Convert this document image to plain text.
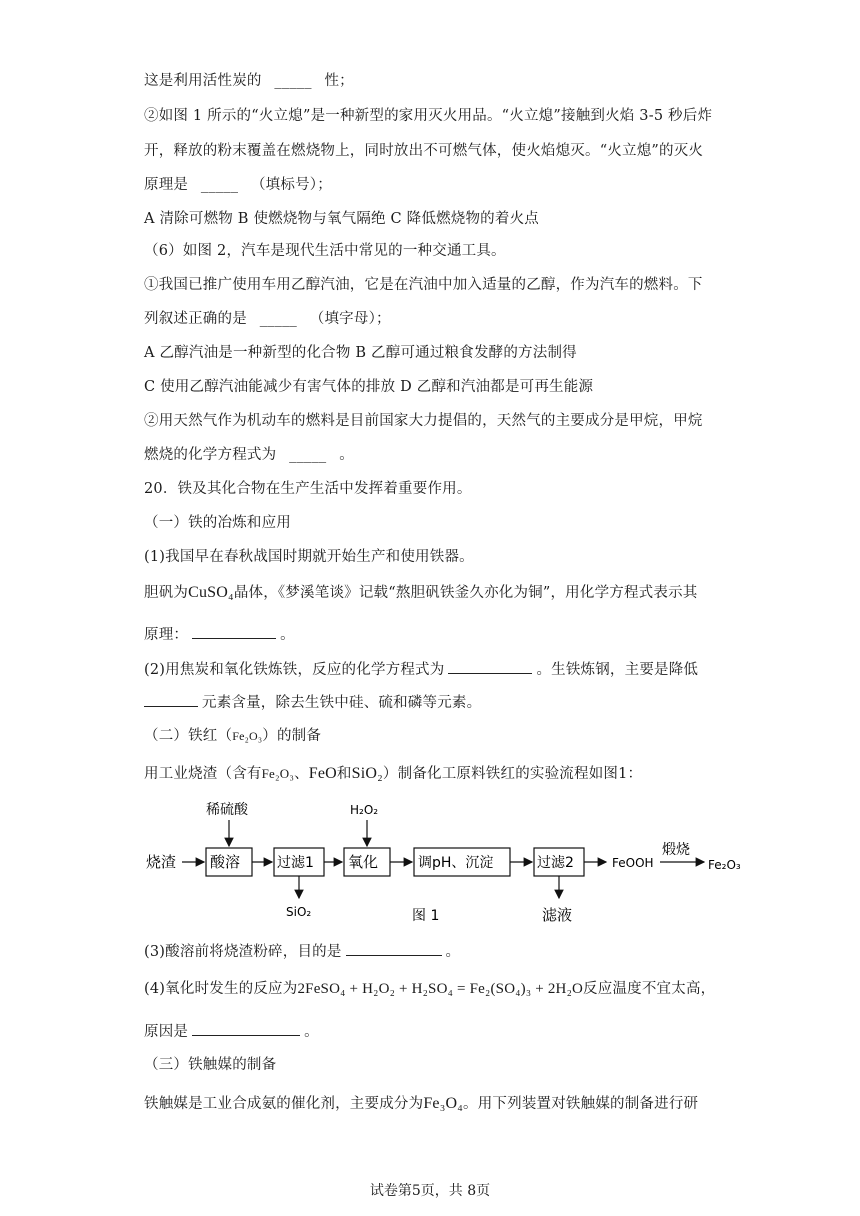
这是利用活性炭的 _____ 性；
②如图 1 所示的“火立熄”是一种新型的家用灭火用品。“火立熄”接触到火焰 3-5 秒后炸
开，释放的粉末覆盖在燃烧物上，同时放出不可燃气体，使火焰熄灭。“火立熄”的灭火
原理是 _____ （填标号）；
A 清除可燃物 B 使燃烧物与氧气隔绝 C 降低燃烧物的着火点
（6）如图 2，汽车是现代生活中常见的一种交通工具。
①我国已推广使用车用乙醇汽油，它是在汽油中加入适量的乙醇，作为汽车的燃料。下
列叙述正确的是 _____ （填字母）；
A 乙醇汽油是一种新型的化合物 B 乙醇可通过粮食发酵的方法制得
C 使用乙醇汽油能减少有害气体的排放 D 乙醇和汽油都是可再生能源
②用天然气作为机动车的燃料是目前国家大力提倡的，天然气的主要成分是甲烷，甲烷
燃烧的化学方程式为 _____ 。
20．铁及其化合物在生产生活中发挥着重要作用。
（一）铁的冶炼和应用
(1)我国早在春秋战国时期就开始生产和使用铁器。
胆矾为CuSO₄晶体，《梦溪笔谈》记载“熬胆矾铁釜久亦化为铜”，用化学方程式表示其
原理：	。
(2)用焦炭和氧化铁炼铁，反应的化学方程式为	。生铁炼钢，主要是降低
元素含量，除去生铁中硅、硫和磷等元素。
（二）铁红（Fe₂O₃）的制备
用工业烧渣（含有Fe₂O₃、FeO和SiO₂）制备化工原料铁红的实验流程如图1：
烧渣 酸溶
稀硫酸
过滤1
SiO₂
氧化
H₂O₂
调pH、沉淀	过滤2
滤液
FeOOH
煅烧
Fe₂O₃
图 1
(3)酸溶前将烧渣粉碎，目的是	。
(4)氧化时发生的反应为2FeSO₄ + H₂O₂ + H₂SO₄ = Fe₂(SO₄)₃ + 2H₂O反应温度不宜太高，
原因是	。
（三）铁触媒的制备
铁触媒是工业合成氨的催化剂，主要成分为Fe₃O₄。用下列装置对铁触媒的制备进行研
试卷第5页，共 8页
